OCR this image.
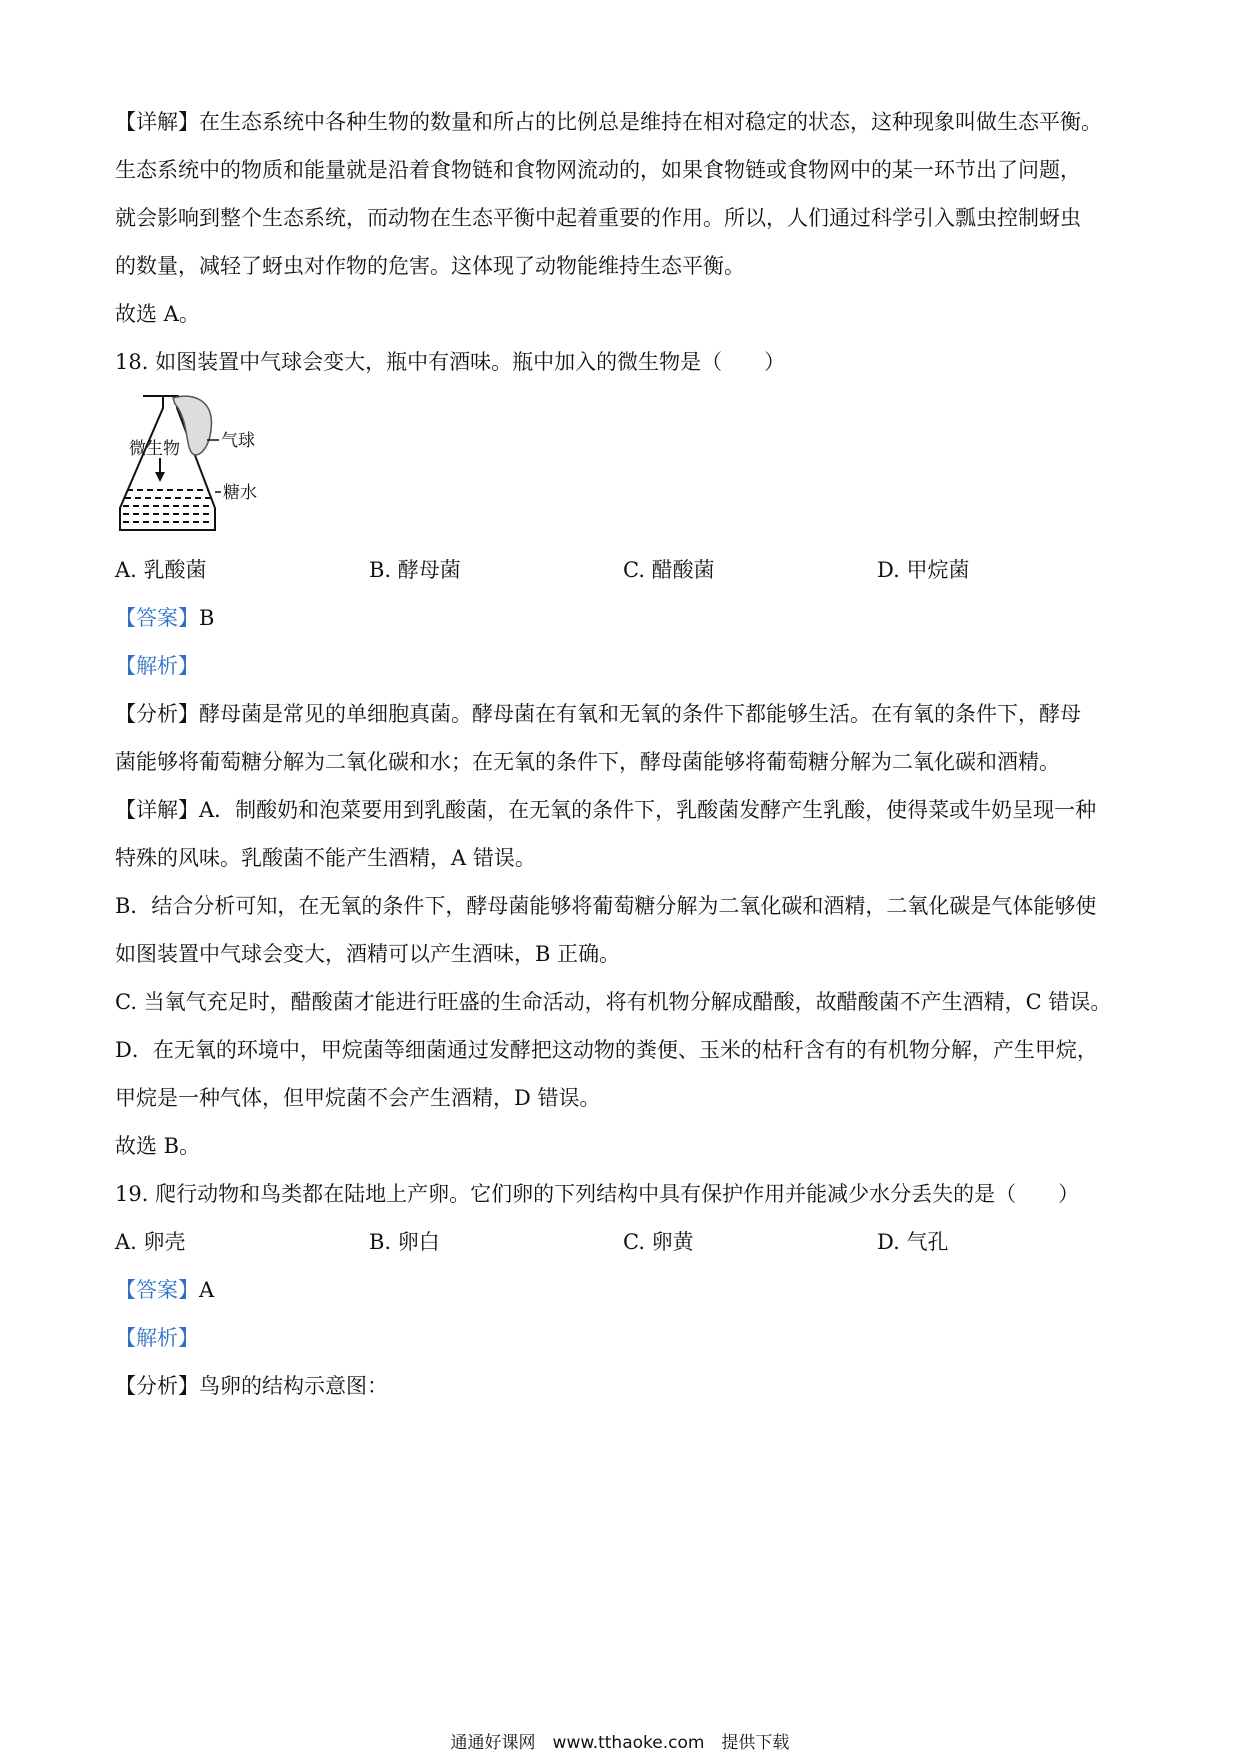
【详解】在生态系统中各种生物的数量和所占的比例总是维持在相对稳定的状态，这种现象叫做生态平衡。

生态系统中的物质和能量就是沿着食物链和食物网流动的，如果食物链或食物网中的某一环节出了问题，

就会影响到整个生态系统，而动物在生态平衡中起着重要的作用。所以，人们通过科学引入瓢虫控制蚜虫

的数量，减轻了蚜虫对作物的危害。这体现了动物能维持生态平衡。

故选 A。

18. 如图装置中气球会变大，瓶中有酒味。瓶中加入的微生物是（　　）

微生物 气球
糖水
A. 乳酸菌	B. 酵母菌	C. 醋酸菌	D. 甲烷菌

【答案】B

【解析】

【分析】酵母菌是常见的单细胞真菌。酵母菌在有氧和无氧的条件下都能够生活。在有氧的条件下，酵母

菌能够将葡萄糖分解为二氧化碳和水；在无氧的条件下，酵母菌能够将葡萄糖分解为二氧化碳和酒精。

【详解】A．制酸奶和泡菜要用到乳酸菌，在无氧的条件下，乳酸菌发酵产生乳酸，使得菜或牛奶呈现一种

特殊的风味。乳酸菌不能产生酒精，A 错误。

B．结合分析可知，在无氧的条件下，酵母菌能够将葡萄糖分解为二氧化碳和酒精，二氧化碳是气体能够使

如图装置中气球会变大，酒精可以产生酒味，B 正确。

C. 当氧气充足时，醋酸菌才能进行旺盛的生命活动，将有机物分解成醋酸，故醋酸菌不产生酒精，C 错误。

D．在无氧的环境中，甲烷菌等细菌通过发酵把这动物的粪便、玉米的枯秆含有的有机物分解，产生甲烷，

甲烷是一种气体，但甲烷菌不会产生酒精，D 错误。

故选 B。

19. 爬行动物和鸟类都在陆地上产卵。它们卵的下列结构中具有保护作用并能减少水分丢失的是（　　）

A. 卵壳	B. 卵白	C. 卵黄	D. 气孔

【答案】A

【解析】

【分析】鸟卵的结构示意图：

通通好课网　www.tthaoke.com　提供下载
